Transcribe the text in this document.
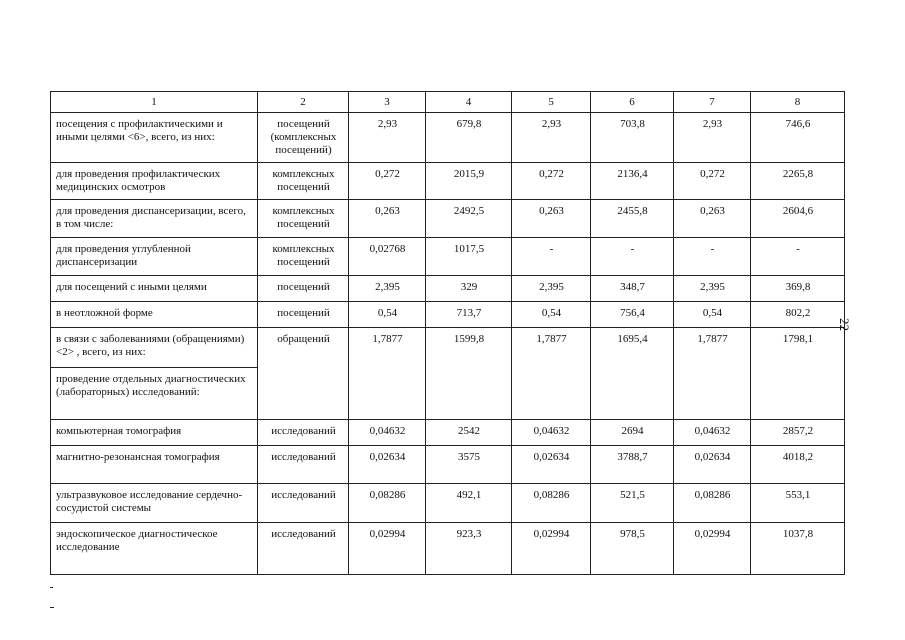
1	2	3	4	5	6	7	8
посещения с профилактическими и иными целями <6>, всего, из них:	посещений (комплексных посещений)	2,93	679,8	2,93	703,8	2,93	746,6
для проведения профилактических медицинских осмотров	комплексных посещений	0,272	2015,9	0,272	2136,4	0,272	2265,8
для проведения диспансеризации, всего, в том числе:	комплексных посещений	0,263	2492,5	0,263	2455,8	0,263	2604,6
для проведения углубленной диспансеризации	комплексных посещений	0,02768	1017,5	-	-	-	-
для посещений с иными целями	посещений	2,395	329	2,395	348,7	2,395	369,8
в неотложной форме	посещений	0,54	713,7	0,54	756,4	0,54	802,2
в связи с заболеваниями (обращениями) <2> , всего, из них:	обращений	1,7877	1599,8	1,7877	1695,4	1,7877	1798,1
проведение отдельных диагностических (лабораторных) исследований:							
компьютерная томография	исследований	0,04632	2542	0,04632	2694	0,04632	2857,2
магнитно-резонансная томография	исследований	0,02634	3575	0,02634	3788,7	0,02634	4018,2
ультразвуковое исследование сердечно-сосудистой системы	исследований	0,08286	492,1	0,08286	521,5	0,08286	553,1
эндоскопическое диагностическое исследование	исследований	0,02994	923,3	0,02994	978,5	0,02994	1037,8
22
